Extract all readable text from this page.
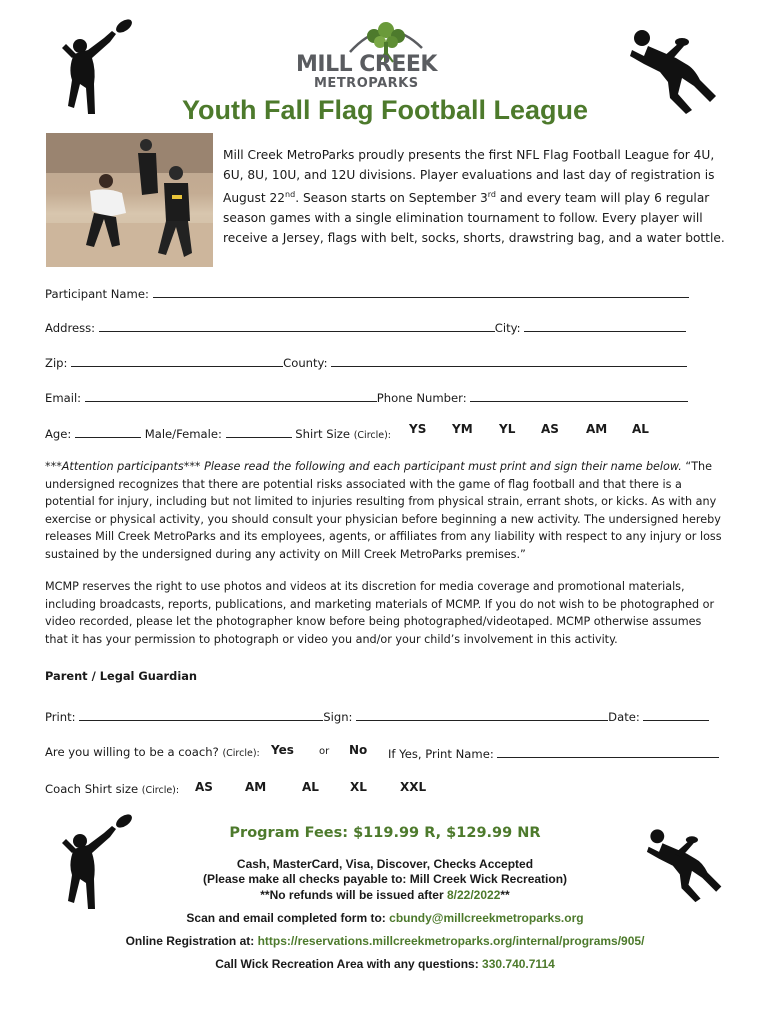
MILL CREEK
METROPARKS
Youth Fall Flag Football League
Mill Creek MetroParks proudly presents the first NFL Flag Football League for 4U, 6U, 8U, 10U, and 12U divisions. Player evaluations and last day of registration is August 22nd. Season starts on September 3rd and every team will play 6 regular season games with a single elimination tournament to follow. Every player will receive a Jersey, flags with belt, socks, shorts, drawstring bag, and a water bottle.
Participant Name:
Address:	City:
Zip:	County:
Email:	Phone Number:
Age:	Male/Female:	Shirt Size (Circle): YS YM YL AS AM AL
***Attention participants*** Please read the following and each participant must print and sign their name below. “The undersigned recognizes that there are potential risks associated with the game of flag football and that there is a potential for injury, including but not limited to injuries resulting from physical strain, errant shots, or kicks. As with any exercise or physical activity, you should consult your physician before beginning a new activity. The undersigned hereby releases Mill Creek MetroParks and its employees, agents, or affiliates from any liability with respect to any injury or loss sustained by the undersigned during any activity on Mill Creek MetroParks premises.”
MCMP reserves the right to use photos and videos at its discretion for media coverage and promotional materials, including broadcasts, reports, publications, and marketing materials of MCMP. If you do not wish to be photographed or video recorded, please let the photographer know before being photographed/videotaped. MCMP otherwise assumes that it has your permission to photograph or video you and/or your child’s involvement in this activity.
Parent / Legal Guardian
Print:	Sign:	Date:
Are you willing to be a coach? (Circle): Yes	or No If Yes, Print Name:
Coach Shirt size (Circle): AS	AM	AL	XL	XXL
Program Fees: $119.99 R, $129.99 NR
Cash, MasterCard, Visa, Discover, Checks Accepted
(Please make all checks payable to: Mill Creek Wick Recreation)
**No refunds will be issued after 8/22/2022**
Scan and email completed form to: cbundy@millcreekmetroparks.org
Online Registration at: https://reservations.millcreekmetroparks.org/internal/programs/905/
Call Wick Recreation Area with any questions: 330.740.7114
